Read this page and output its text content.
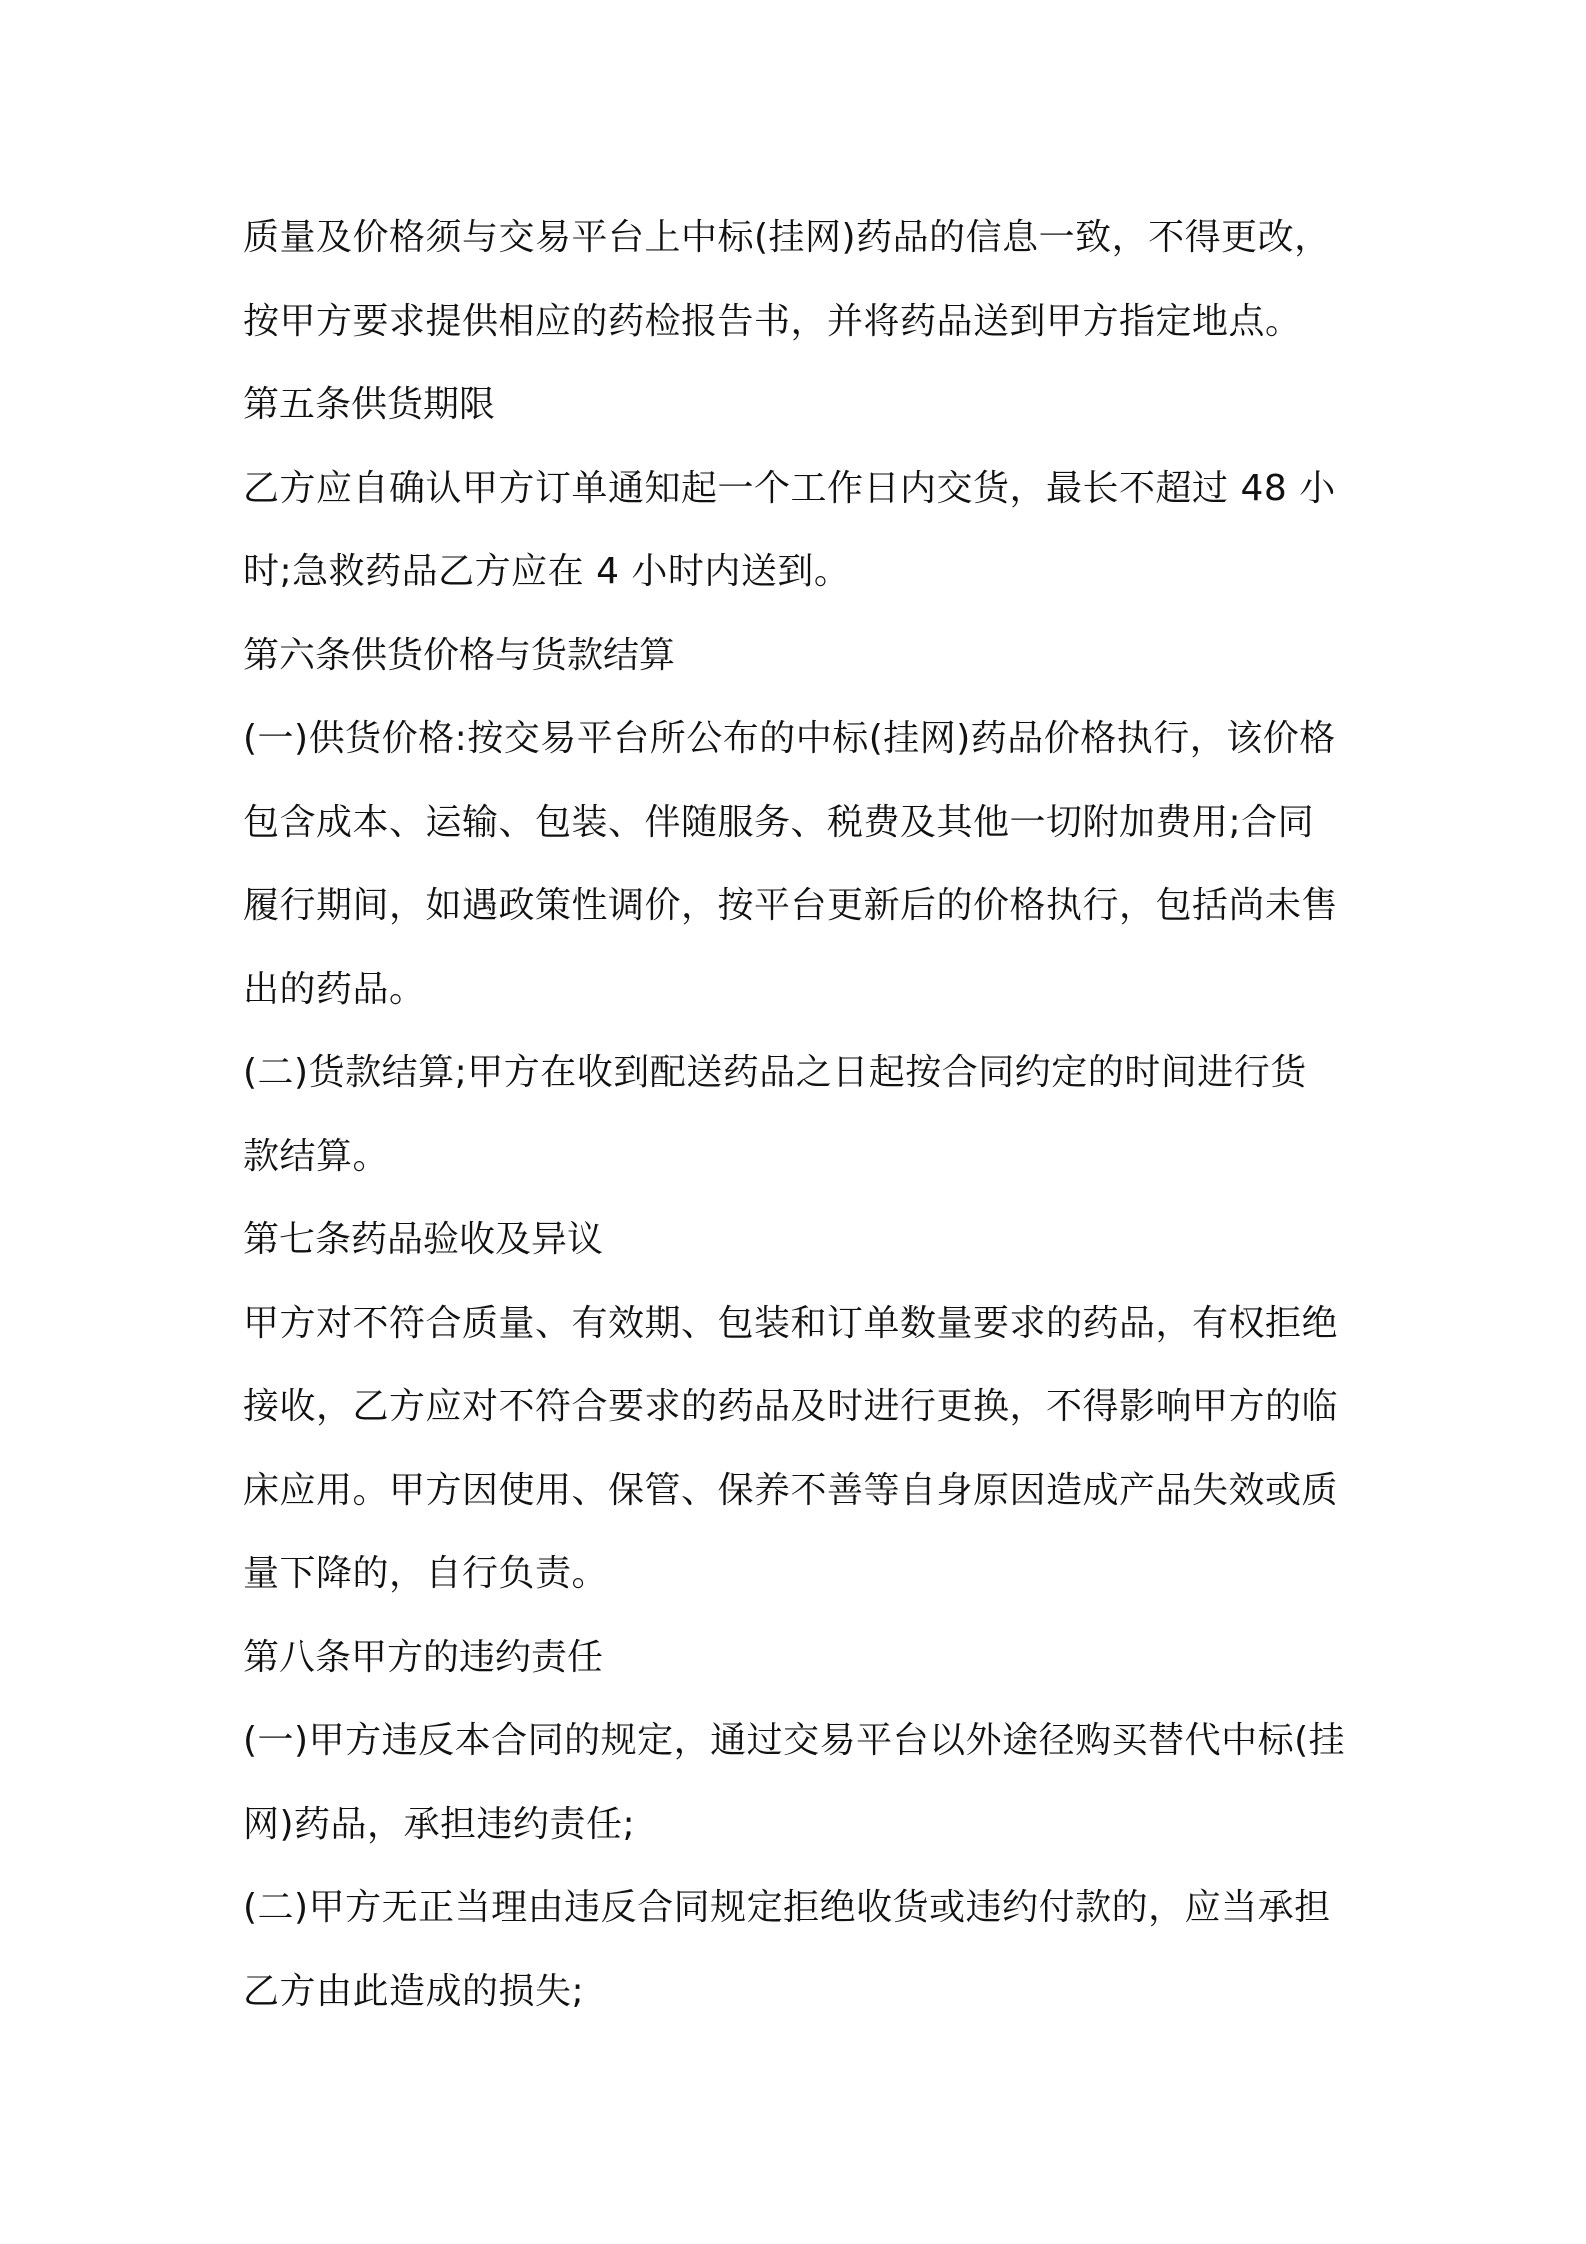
质量及价格须与交易平台上中标(挂网)药品的信息一致，不得更改，
按甲方要求提供相应的药检报告书，并将药品送到甲方指定地点。
第五条供货期限
乙方应自确认甲方订单通知起一个工作日内交货，最长不超过 48 小
时;急救药品乙方应在 4 小时内送到。
第六条供货价格与货款结算
(一)供货价格:按交易平台所公布的中标(挂网)药品价格执行，该价格
包含成本、运输、包装、伴随服务、税费及其他一切附加费用;合同
履行期间，如遇政策性调价，按平台更新后的价格执行，包括尚未售
出的药品。
(二)货款结算;甲方在收到配送药品之日起按合同约定的时间进行货
款结算。
第七条药品验收及异议
甲方对不符合质量、有效期、包装和订单数量要求的药品，有权拒绝
接收，乙方应对不符合要求的药品及时进行更换，不得影响甲方的临
床应用。甲方因使用、保管、保养不善等自身原因造成产品失效或质
量下降的，自行负责。
第八条甲方的违约责任
(一)甲方违反本合同的规定，通过交易平台以外途径购买替代中标(挂
网)药品，承担违约责任;
(二)甲方无正当理由违反合同规定拒绝收货或违约付款的，应当承担
乙方由此造成的损失;
